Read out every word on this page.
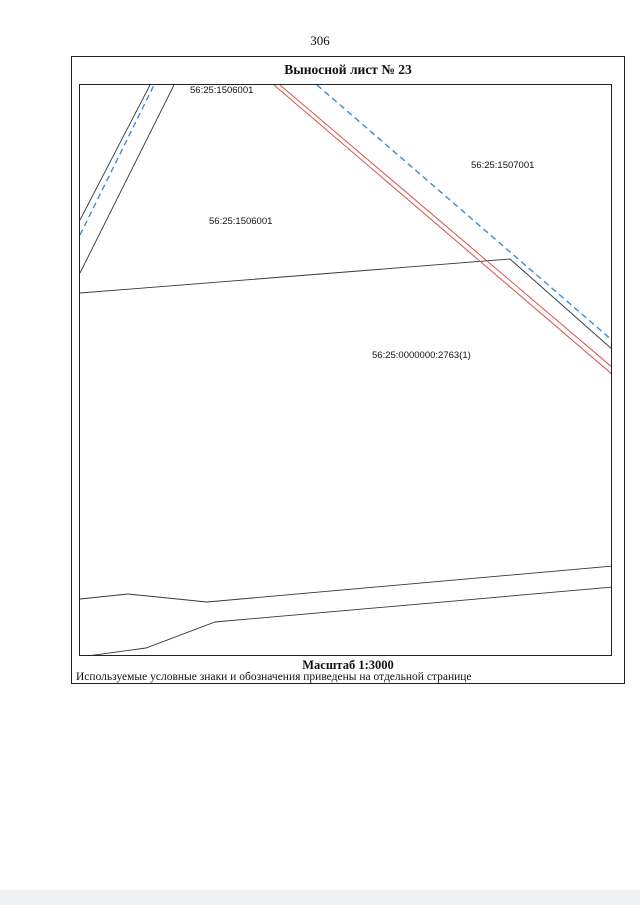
306
Выносной лист № 23
56:25:1506001
56:25:1507001
56:25:1506001
56:25:0000000:2763(1)
Масштаб 1:3000
Используемые условные знаки и обозначения приведены на отдельной странице
